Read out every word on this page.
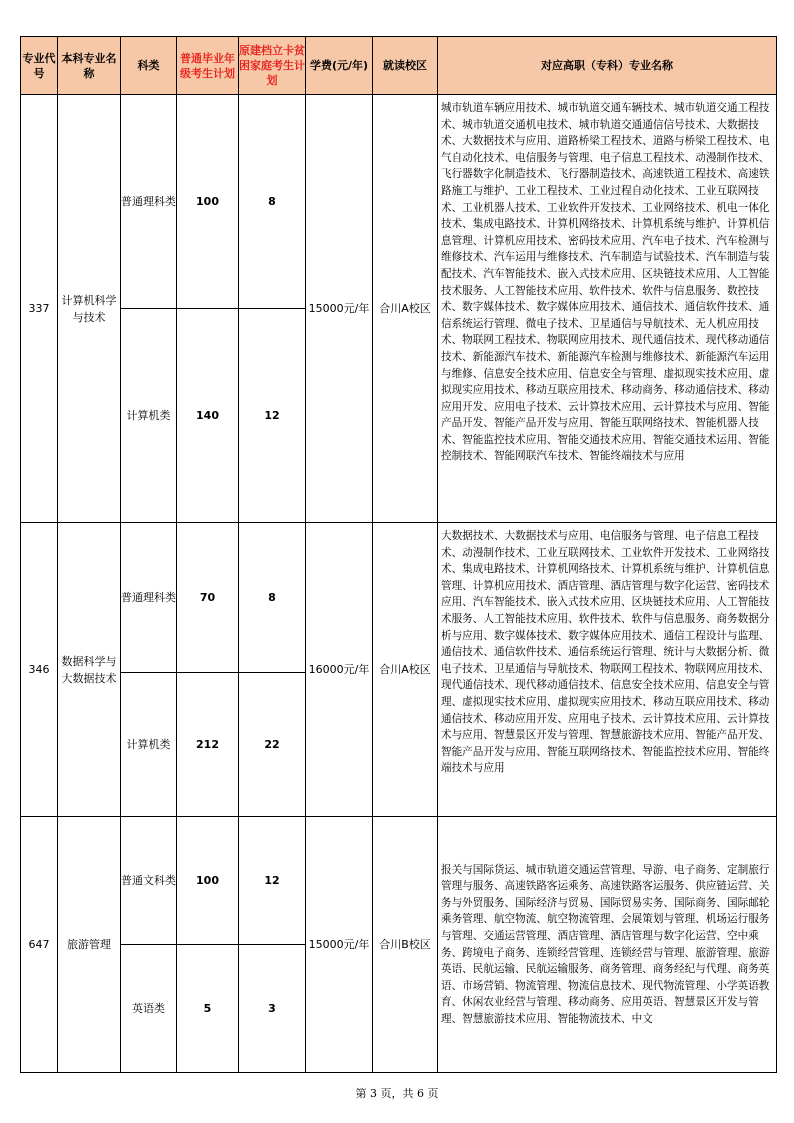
专业代号	本科专业名称	科类	普通毕业年级考生计划	原建档立卡贫困家庭考生计划	学费(元/年)	就读校区	对应高职（专科）专业名称
337	计算机科学与技术	普通理科类	100	8	15000元/年	合川A校区	城市轨道车辆应用技术、城市轨道交通车辆技术、城市轨道交通工程技术、城市轨道交通机电技术、城市轨道交通通信信号技术、大数据技术、大数据技术与应用、道路桥梁工程技术、道路与桥梁工程技术、电气自动化技术、电信服务与管理、电子信息工程技术、动漫制作技术、飞行器数字化制造技术、飞行器制造技术、高速铁道工程技术、高速铁路施工与维护、工业工程技术、工业过程自动化技术、工业互联网技术、工业机器人技术、工业软件开发技术、工业网络技术、机电一体化技术、集成电路技术、计算机网络技术、计算机系统与维护、计算机信息管理、计算机应用技术、密码技术应用、汽车电子技术、汽车检测与维修技术、汽车运用与维修技术、汽车制造与试验技术、汽车制造与装配技术、汽车智能技术、嵌入式技术应用、区块链技术应用、人工智能技术服务、人工智能技术应用、软件技术、软件与信息服务、数控技术、数字媒体技术、数字媒体应用技术、通信技术、通信软件技术、通信系统运行管理、微电子技术、卫星通信与导航技术、无人机应用技术、物联网工程技术、物联网应用技术、现代通信技术、现代移动通信技术、新能源汽车技术、新能源汽车检测与维修技术、新能源汽车运用与维修、信息安全技术应用、信息安全与管理、虚拟现实技术应用、虚拟现实应用技术、移动互联应用技术、移动商务、移动通信技术、移动应用开发、应用电子技术、云计算技术应用、云计算技术与应用、智能产品开发、智能产品开发与应用、智能互联网络技术、智能机器人技术、智能监控技术应用、智能交通技术应用、智能交通技术运用、智能控制技术、智能网联汽车技术、智能终端技术与应用
		计算机类	140	12			
346	数据科学与大数据技术	普通理科类	70	8	16000元/年	合川A校区	大数据技术、大数据技术与应用、电信服务与管理、电子信息工程技术、动漫制作技术、工业互联网技术、工业软件开发技术、工业网络技术、集成电路技术、计算机网络技术、计算机系统与维护、计算机信息管理、计算机应用技术、酒店管理、酒店管理与数字化运营、密码技术应用、汽车智能技术、嵌入式技术应用、区块链技术应用、人工智能技术服务、人工智能技术应用、软件技术、软件与信息服务、商务数据分析与应用、数字媒体技术、数字媒体应用技术、通信工程设计与监理、通信技术、通信软件技术、通信系统运行管理、统计与大数据分析、微电子技术、卫星通信与导航技术、物联网工程技术、物联网应用技术、现代通信技术、现代移动通信技术、信息安全技术应用、信息安全与管理、虚拟现实技术应用、虚拟现实应用技术、移动互联应用技术、移动通信技术、移动应用开发、应用电子技术、云计算技术应用、云计算技术与应用、智慧景区开发与管理、智慧旅游技术应用、智能产品开发、智能产品开发与应用、智能互联网络技术、智能监控技术应用、智能终端技术与应用
		计算机类	212	22			
647	旅游管理	普通文科类	100	12	15000元/年	合川B校区	报关与国际货运、城市轨道交通运营管理、导游、电子商务、定制旅行管理与服务、高速铁路客运乘务、高速铁路客运服务、供应链运营、关务与外贸服务、国际经济与贸易、国际贸易实务、国际商务、国际邮轮乘务管理、航空物流、航空物流管理、会展策划与管理、机场运行服务与管理、交通运营管理、酒店管理、酒店管理与数字化运营、空中乘务、跨境电子商务、连锁经营管理、连锁经营与管理、旅游管理、旅游英语、民航运输、民航运输服务、商务管理、商务经纪与代理、商务英语、市场营销、物流管理、物流信息技术、现代物流管理、小学英语教育、休闲农业经营与管理、移动商务、应用英语、智慧景区开发与管理、智慧旅游技术应用、智能物流技术、中文
		英语类	5	3			
第 3 页，共 6 页
